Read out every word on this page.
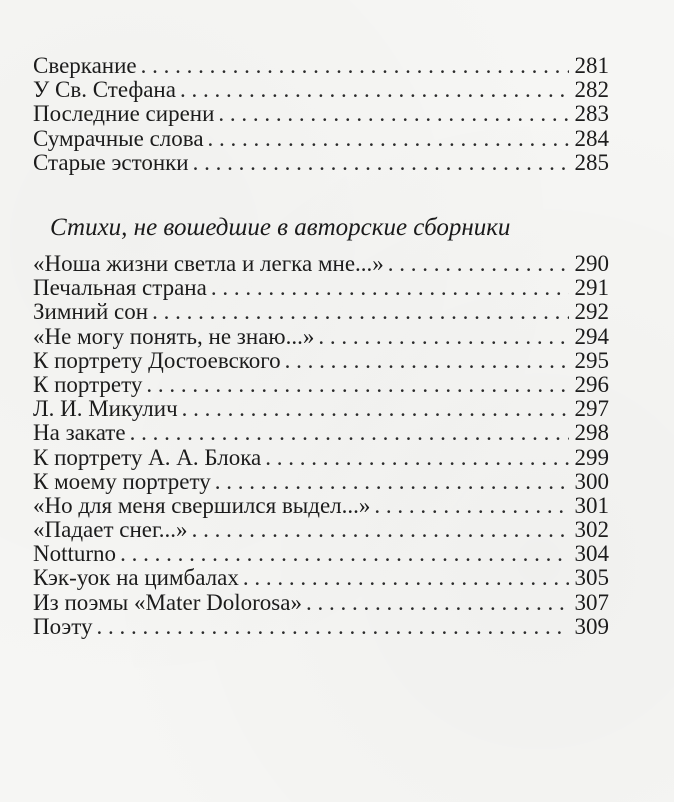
Сверкание . . .	281
У Св. Стефана . . .	282
Последние сирени . . .	283
Сумрачные слова . . .	284
Старые эстонки . . .	285
Стихи, не вошедшие в авторские сборники
«Ноша жизни светла и легка мне...» . . .	290
Печальная страна . . .	291
Зимний сон . . .	292
«Не могу понять, не знаю...» . . .	294
К портрету Достоевского . . .	295
К портрету . . .	296
Л. И. Микулич . . .	297
На закате . . .	298
К портрету А. А. Блока . . .	299
К моему портрету . . .	300
«Но для меня свершился выдел...» . . .	301
«Падает снег...» . . .	302
Notturno . . .	304
Кэк-уок на цимбалах . . .	305
Из поэмы «Mater Dolorosa» . . .	307
Поэту . . .	309
